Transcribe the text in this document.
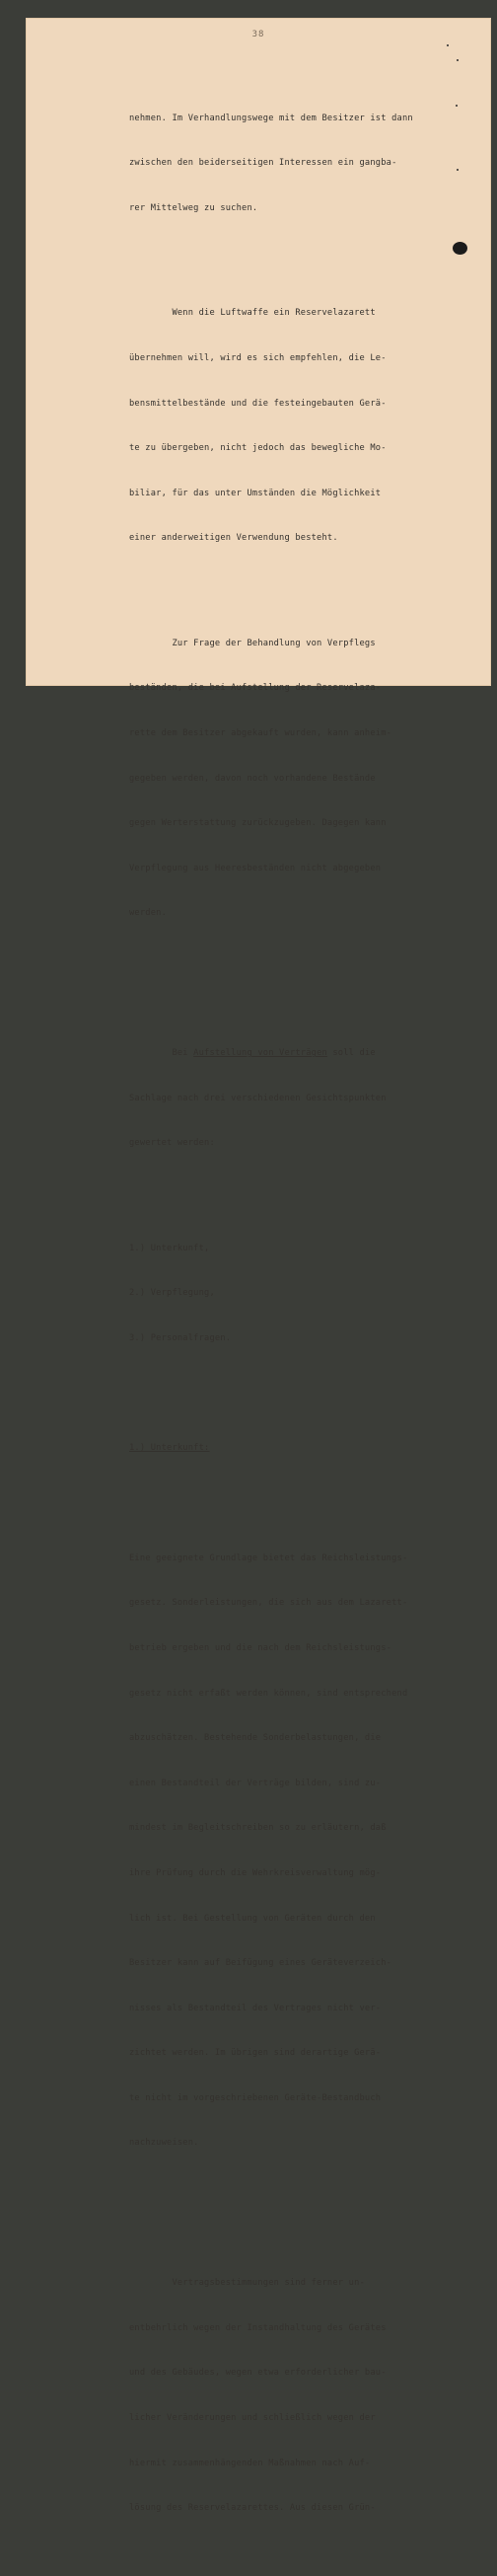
38

nehmen. Im Verhandlungswege mit dem Besitzer ist dann

zwischen den beiderseitigen Interessen ein gangba-

rer Mittelweg zu suchen.

Wenn die Luftwaffe ein Reservelazarett

übernehmen will, wird es sich empfehlen, die Le-

bensmittelbestände und die festeingebauten Gerä-

te zu übergeben, nicht jedoch das bewegliche Mo-

biliar, für das unter Umständen die Möglichkeit

einer anderweitigen Verwendung besteht.

Zur Frage der Behandlung von Verpflegs

beständen, die bei Aufstellung der Reservelaza-

rette dem Besitzer abgekauft wurden, kann anheim-

gegeben werden, davon noch vorhandene Bestände

gegen Werterstattung zurückzugeben. Dagegen kann

Verpflegung aus Heeresbeständen nicht abgegeben

werden.

Bei Aufstellung von Verträgen soll die

Sachlage nach drei verschiedenen Gesichtspunkten

gewertet werden:

1.) Unterkunft,

2.) Verpflegung,

3.) Personalfragen.

1.) Unterkunft:

Eine geeignete Grundlage bietet das Reichsleistungs-

gesetz. Sonderleistungen, die sich aus dem Lazarett-

betrieb ergeben und die nach dem Reichsleistungs-

gesetz nicht erfaßt werden können, sind entsprechend

abzuschätzen. Bestehende Sonderbelastungen, die

einen Bestandteil der Verträge bilden, sind zu-

mindest im Begleitschreiben so zu erläutern, daß

ihre Prüfung durch die Wehrkreisverwaltung mög-

lich ist. Bei Gestellung von Geräten durch den

Besitzer kann auf Beifügung eines Geräteverzeich-

nisses als Bestandteil des Vertrages nicht ver-

zichtet werden. Im übrigen sind derartige Gerä-

te nicht im vorgeschriebenen Geräte-Bestandbuch

nachzuweisen.

Vertragsbestimmungen sind ferner un-

entbehrlich wegen der Instandhaltung des Gerätes

und des Gebäudes, wegen etwa erforderlicher bau-

licher Veränderungen und schließlich wegen der

hiermit zusammenhängenden Maßnahmen nach Auf-

lösung des Reservelazarettes. Aus diesen Grün-
